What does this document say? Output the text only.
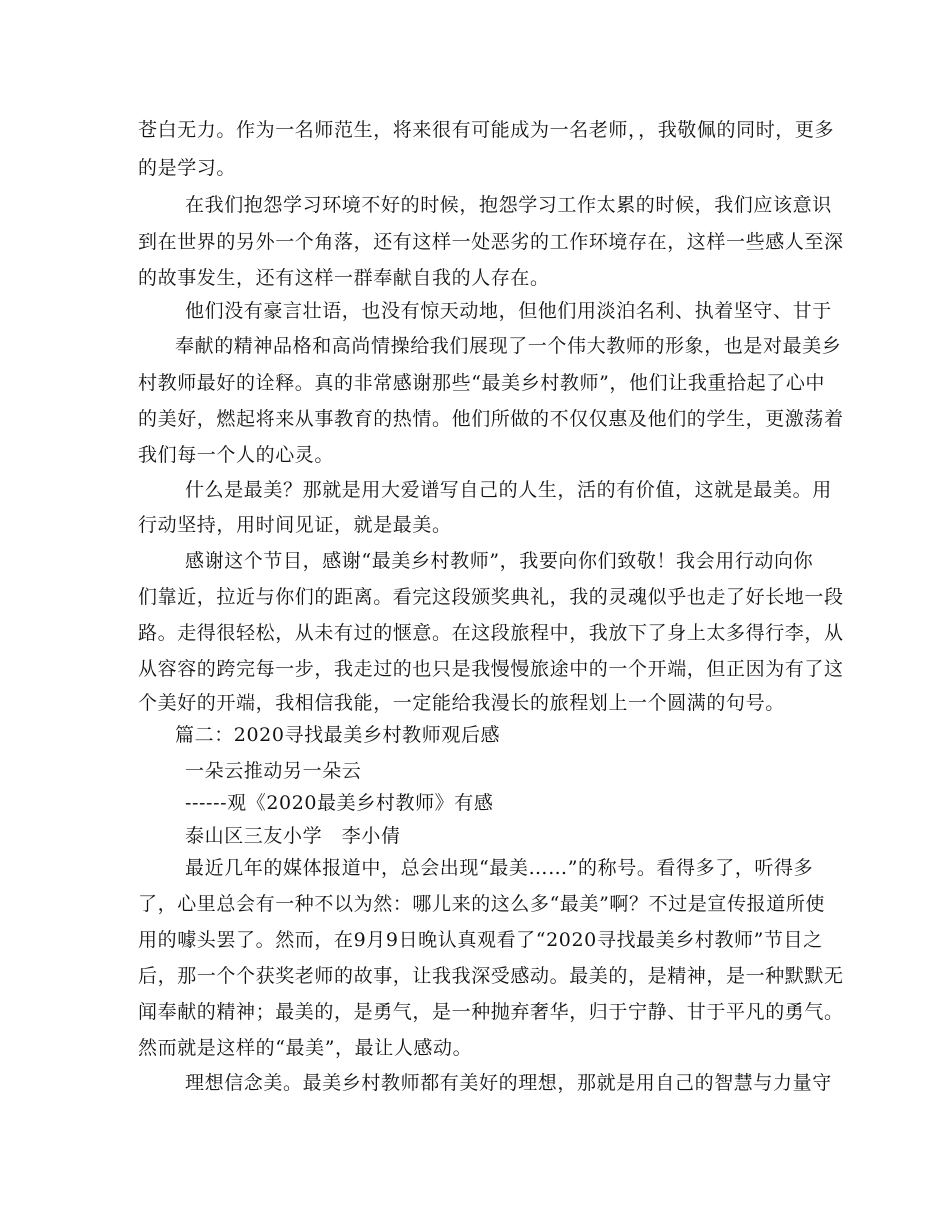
苍白无力。作为一名师范生，将来很有可能成为一名老师，，我敬佩的同时，更多
的是学习。
在我们抱怨学习环境不好的时候，抱怨学习工作太累的时候，我们应该意识
到在世界的另外一个角落，还有这样一处恶劣的工作环境存在，这样一些感人至深
的故事发生，还有这样一群奉献自我的人存在。
他们没有豪言壮语，也没有惊天动地，但他们用淡泊名利、执着坚守、甘于
奉献的精神品格和高尚情操给我们展现了一个伟大教师的形象，也是对最美乡
村教师最好的诠释。真的非常感谢那些“最美乡村教师”，他们让我重拾起了心中
的美好，燃起将来从事教育的热情。他们所做的不仅仅惠及他们的学生，更激荡着
我们每一个人的心灵。
什么是最美？那就是用大爱谱写自己的人生，活的有价值，这就是最美。用
行动坚持，用时间见证，就是最美。
感谢这个节目，感谢“最美乡村教师”，我要向你们致敬！我会用行动向你
们靠近，拉近与你们的距离。看完这段颁奖典礼，我的灵魂似乎也走了好长地一段
路。走得很轻松，从未有过的惬意。在这段旅程中，我放下了身上太多得行李，从
从容容的跨完每一步，我走过的也只是我慢慢旅途中的一个开端，但正因为有了这
个美好的开端，我相信我能，一定能给我漫长的旅程划上一个圆满的句号。
篇二：2020寻找最美乡村教师观后感
一朵云推动另一朵云
------观《2020最美乡村教师》有感
泰山区三友小学　李小倩
最近几年的媒体报道中，总会出现“最美……”的称号。看得多了，听得多
了，心里总会有一种不以为然：哪儿来的这么多“最美”啊？不过是宣传报道所使
用的噱头罢了。然而，在9月9日晚认真观看了“2020寻找最美乡村教师”节目之
后，那一个个获奖老师的故事，让我我深受感动。最美的，是精神，是一种默默无
闻奉献的精神；最美的，是勇气，是一种抛弃奢华，归于宁静、甘于平凡的勇气。
然而就是这样的“最美”，最让人感动。
理想信念美。最美乡村教师都有美好的理想，那就是用自己的智慧与力量守
